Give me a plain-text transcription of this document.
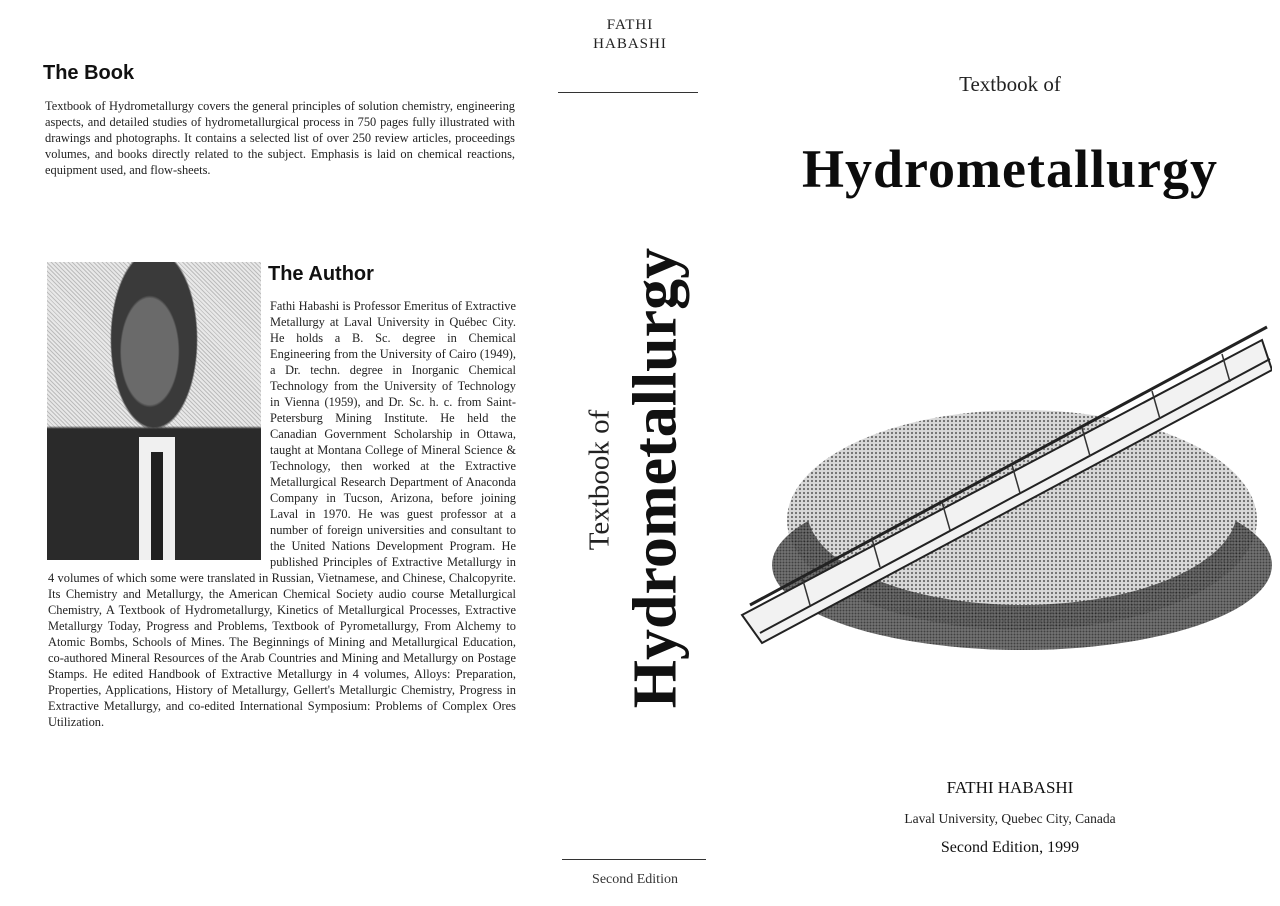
The Book
Textbook of Hydrometallurgy covers the general principles of solution chemistry, engineering aspects, and detailed studies of hydrometallurgical process in 750 pages fully illustrated with drawings and photographs. It contains a selected list of over 250 review articles, proceedings volumes, and books directly related to the subject. Emphasis is laid on chemical reactions, equipment used, and flow-sheets.
The Author
Fathi Habashi is Professor Emeritus of Extractive Metallurgy at Laval University in Québec City. He holds a B. Sc. degree in Chemical Engineering from the University of Cairo (1949), a Dr. techn. degree in Inorganic Chemical Technology from the University of Technology in Vienna (1959), and Dr. Sc. h. c. from Saint-Petersburg Mining Institute. He held the Canadian Government Scholarship in Ottawa, taught at Montana College of Mineral Science & Technology, then worked at the Extractive Metallurgical Research Department of Anaconda Company in Tucson, Arizona, before joining Laval in 1970. He was guest professor at a number of foreign universities and consultant to the United Nations Development Program. He published Principles of Extractive Metallurgy in 4 volumes of which some were translated in Russian, Vietnamese, and Chinese, Chalcopyrite. Its Chemistry and Metallurgy, the American Chemical Society audio course Metallurgical Chemistry, A Textbook of Hydrometallurgy, Kinetics of Metallurgical Processes, Extractive Metallurgy Today, Progress and Problems, Textbook of Pyrometallurgy, From Alchemy to Atomic Bombs, Schools of Mines. The Beginnings of Mining and Metallurgical Education, co-authored Mineral Resources of the Arab Countries and Mining and Metallurgy on Postage Stamps. He edited Handbook of Extractive Metallurgy in 4 volumes, Alloys: Preparation, Properties, Applications, History of Metallurgy, Gellert's Metallurgic Chemistry, Progress in Extractive Metallurgy, and co-edited International Symposium: Problems of Complex Ores Utilization.
FATHI
HABASHI
Textbook of Hydrometallurgy
Second Edition
Textbook of
Hydrometallurgy
FATHI HABASHI
Laval University, Quebec City, Canada
Second Edition, 1999
